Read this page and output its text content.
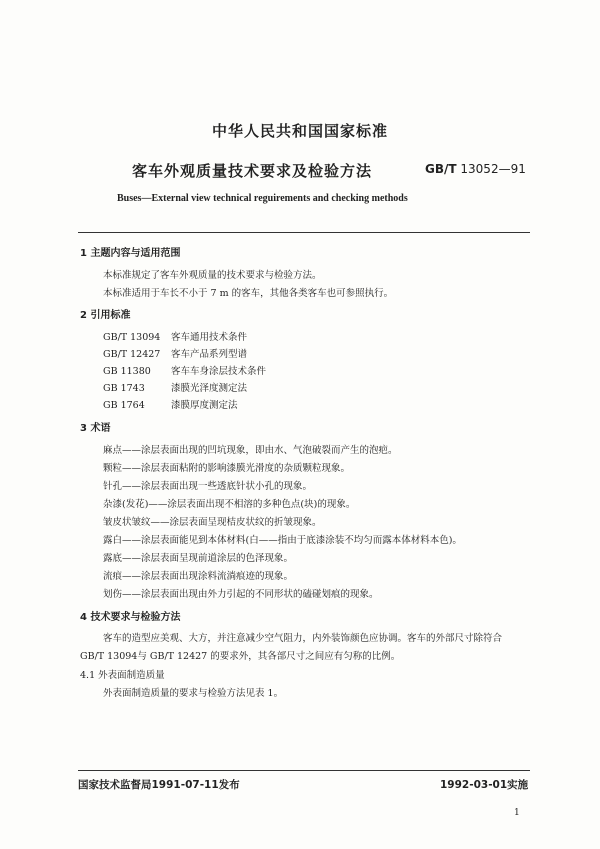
中华人民共和国国家标准
客车外观质量技术要求及检验方法	GB/T 13052—91
Buses—External view technical reguirements and checking methods
1 主题内容与适用范围
本标准规定了客车外观质量的技术要求与检验方法。
本标准适用于车长不小于 7 m 的客车，其他各类客车也可参照执行。
2 引用标准
GB/T 13094 客车通用技术条件
GB/T 12427 客车产品系列型谱
GB 11380 客车车身涂层技术条件
GB 1743	漆膜光泽度测定法
GB 1764	漆膜厚度测定法
3 术语
麻点——涂层表面出现的凹坑现象，即由水、气泡破裂而产生的泡疤。
颗粒——涂层表面粘附的影响漆膜光滑度的杂质颗粒现象。
针孔——涂层表面出现一些透底针状小孔的现象。
杂漆(发花)——涂层表面出现不相溶的多种色点(块)的现象。
皱皮状皱纹——涂层表面呈现桔皮状纹的折皱现象。
露白——涂层表面能见到本体材料(白——指由于底漆涂装不均匀而露本体材料本色)。
露底——涂层表面呈现前道涂层的色泽现象。
流痕——涂层表面出现涂料流淌痕迹的现象。
划伤——涂层表面出现由外力引起的不同形状的磕碰划痕的现象。
4 技术要求与检验方法
客车的造型应美观、大方，并注意减少空气阻力，内外装饰颜色应协调。客车的外部尺寸除符合
GB/T 13094与 GB/T 12427 的要求外，其各部尺寸之间应有匀称的比例。
4.1 外表面制造质量
外表面制造质量的要求与检验方法见表 1。
国家技术监督局1991-07-11发布	1992-03-01实施
1
